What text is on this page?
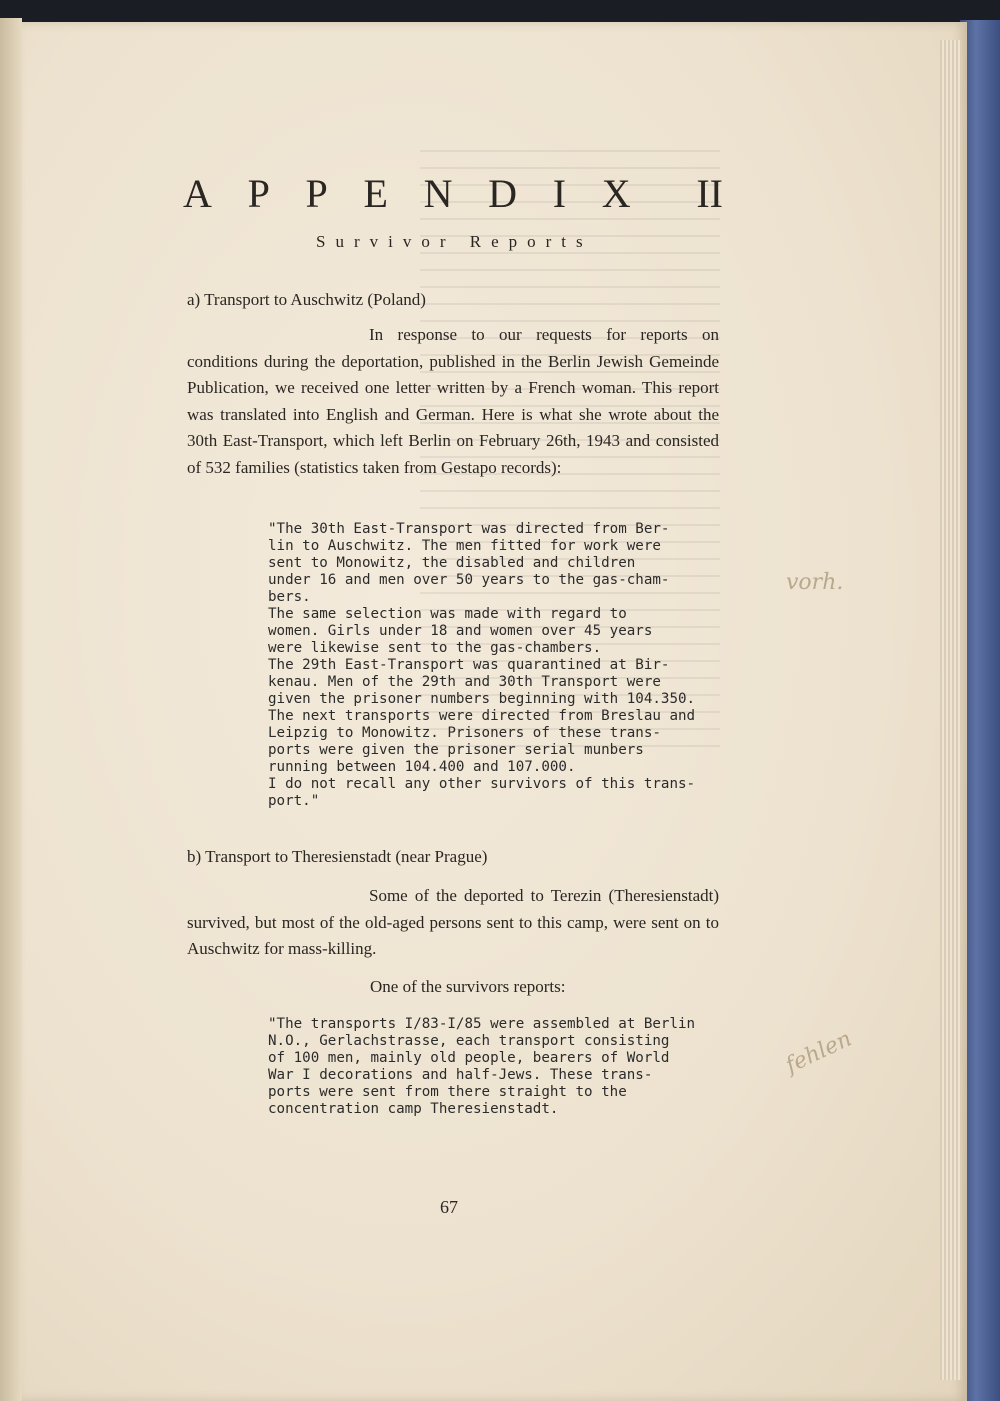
A P P E N D I X II
Survivor Reports
a) Transport to Auschwitz (Poland)
In response to our requests for reports on conditions during the deportation, published in the Berlin Jewish Gemeinde Publication, we received one letter written by a French woman. This report was translated into English and German. Here is what she wrote about the 30th East-Transport, which left Berlin on February 26th, 1943 and consisted of 532 families (statistics taken from Gestapo records):
"The 30th East-Transport was directed from Ber-
lin to Auschwitz. The men fitted for work were
sent to Monowitz, the disabled and children
under 16 and men over 50 years to the gas-cham-
bers.
The same selection was made with regard to
women. Girls under 18 and women over 45 years
were likewise sent to the gas-chambers.
The 29th East-Transport was quarantined at Bir-
kenau. Men of the 29th and 30th Transport were
given the prisoner numbers beginning with 104.350.
The next transports were directed from Breslau and
Leipzig to Monowitz. Prisoners of these trans-
ports were given the prisoner serial munbers
running between 104.400 and 107.000.
I do not recall any other survivors of this trans-
port."
b) Transport to Theresienstadt (near Prague)
Some of the deported to Terezin (Theresienstadt) survived, but most of the old-aged persons sent to this camp, were sent on to Auschwitz for mass-killing.
One of the survivors reports:
"The transports I/83-I/85 were assembled at Berlin
N.O., Gerlachstrasse, each transport consisting
of 100 men, mainly old people, bearers of World
War I decorations and half-Jews. These trans-
ports were sent from there straight to the
concentration camp Theresienstadt.
67
vorh.
fehlen
